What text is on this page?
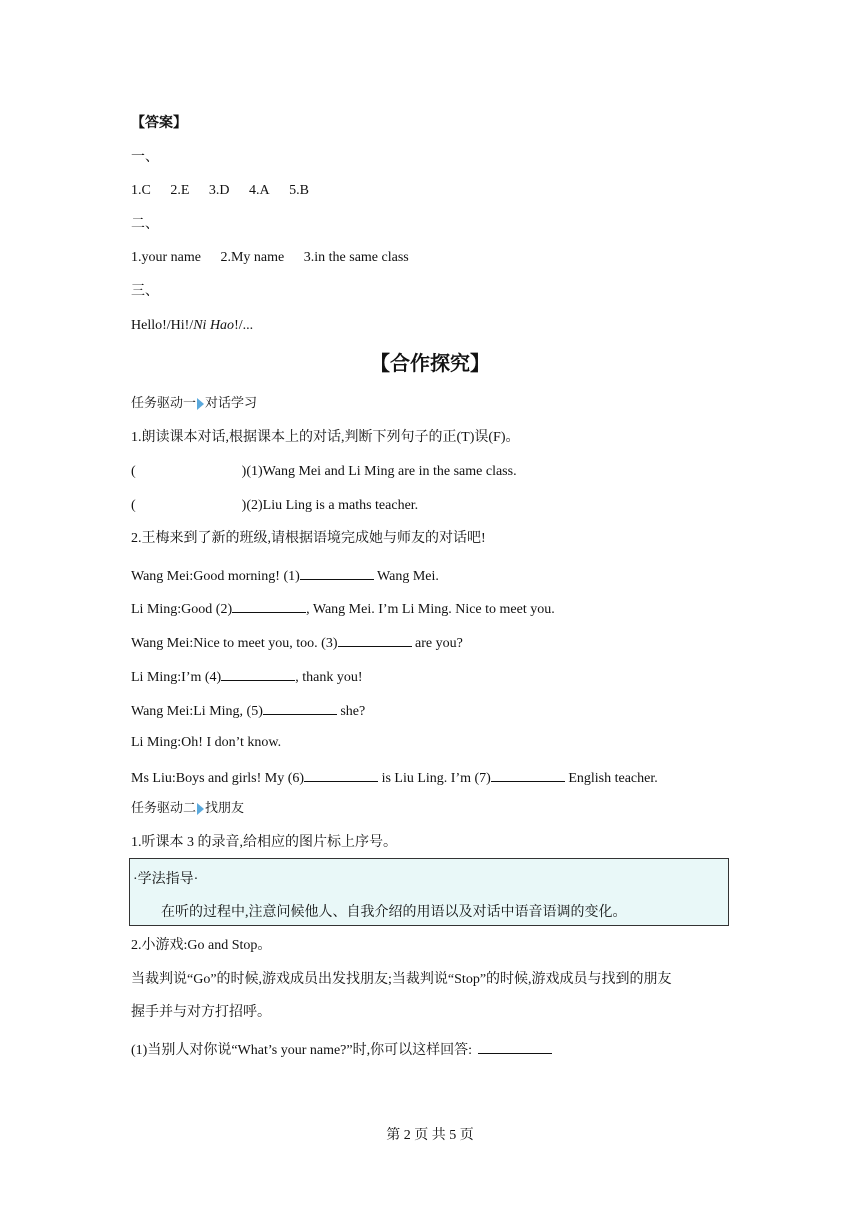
【答案】
一、
1.C 2.E 3.D 4.A 5.B
二、
1.your name 2.My name 3.in the same class
三、
Hello!/Hi!/Ni Hao!/...
【合作探究】
任务驱动一 对话学习
1.朗读课本对话,根据课本上的对话,判断下列句子的正(T)误(F)。
(	)(1)Wang Mei and Li Ming are in the same class.
(	)(2)Liu Ling is a maths teacher.
2.王梅来到了新的班级,请根据语境完成她与师友的对话吧!
Wang Mei:Good morning! (1)	Wang Mei.
Li Ming:Good (2)	, Wang Mei. I’m Li Ming. Nice to meet you.
Wang Mei:Nice to meet you, too. (3)	are you?
Li Ming:I’m (4)	, thank you!
Wang Mei:Li Ming, (5)	she?
Li Ming:Oh! I don’t know.
Ms Liu:Boys and girls! My (6)	is Liu Ling. I’m (7)	English teacher.
任务驱动二 找朋友
1.听课本 3 的录音,给相应的图片标上序号。
·学法指导·
在听的过程中,注意问候他人、自我介绍的用语以及对话中语音语调的变化。
2.小游戏:Go and Stop。
当裁判说“Go”的时候,游戏成员出发找朋友;当裁判说“Stop”的时候,游戏成员与找到的朋友
握手并与对方打招呼。
(1)当别人对你说“What’s your name?”时,你可以这样回答:
第 2 页 共 5 页
